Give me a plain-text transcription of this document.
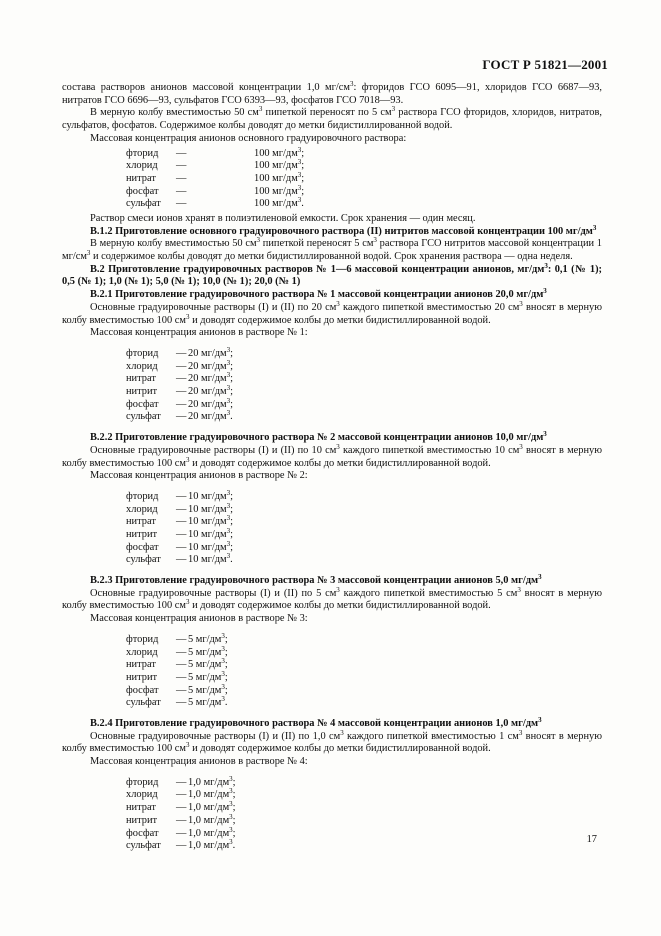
ГОСТ Р 51821—2001

состава растворов анионов массовой концентрации 1,0 $мг/см^3$: фторидов ГСО 6095—91, хлоридов ГСО 6687—93, нитратов ГСО 6696—93, сульфатов ГСО 6393—93, фосфатов ГСО 7018—93.

В мерную колбу вместимостью 50 $см^3$ пипеткой переносят по 5 $см^3$ раствора ГСО фторидов, хлоридов, нитратов, сульфатов, фосфатов. Содержимое колбы доводят до метки бидистиллированной водой.

Массовая концентрация анионов основного градуировочного раствора:

фторид	—	100 $мг/дм^3$;
хлорид	—	100 $мг/дм^3$;
нитрат	—	100 $мг/дм^3$;
фосфат	—	100 $мг/дм^3$;
сульфат	—	100 $мг/дм^3$.

Раствор смеси ионов хранят в полиэтиленовой емкости. Срок хранения — один месяц.

В.1.2 Приготовление основного градуировочного раствора (II) нитритов массовой концентрации 100 $мг/дм^3$

В мерную колбу вместимостью 50 $см^3$ пипеткой переносят 5 $см^3$ раствора ГСО нитритов массовой концентрации 1 $мг/см^3$ и содержимое колбы доводят до метки бидистиллированной водой. Срок хранения раствора — одна неделя.

В.2 Приготовление градуировочных растворов № 1—6 массовой концентрации анионов, $мг/дм^3$: 0,1 (№ 1); 0,5 (№ 1); 1,0 (№ 1); 5,0 (№ 1); 10,0 (№ 1); 20,0 (№ 1)

В.2.1 Приготовление градуировочного раствора № 1 массовой концентрации анионов 20,0 $мг/дм^3$

Основные градуировочные растворы (I) и (II) по 20 $см^3$ каждого пипеткой вместимостью 20 $см^3$ вносят в мерную колбу вместимостью 100 $см^3$ и доводят содержимое колбы до метки бидистиллированной водой.

Массовая концентрация анионов в растворе № 1:

фторид	— 20 $мг/дм^3$;
хлорид	— 20 $мг/дм^3$;
нитрат	— 20 $мг/дм^3$;
нитрит	— 20 $мг/дм^3$;
фосфат	— 20 $мг/дм^3$;
сульфат	— 20 $мг/дм^3$.

В.2.2 Приготовление градуировочного раствора № 2 массовой концентрации анионов 10,0 $мг/дм^3$

Основные градуировочные растворы (I) и (II) по 10 $см^3$ каждого пипеткой вместимостью 10 $см^3$ вносят в мерную колбу вместимостью 100 $см^3$ и доводят содержимое колбы до метки бидистиллированной водой.

Массовая концентрация анионов в растворе № 2:

фторид	— 10 $мг/дм^3$;
хлорид	— 10 $мг/дм^3$;
нитрат	— 10 $мг/дм^3$;
нитрит	— 10 $мг/дм^3$;
фосфат	— 10 $мг/дм^3$;
сульфат	— 10 $мг/дм^3$.

В.2.3 Приготовление градуировочного раствора № 3 массовой концентрации анионов 5,0 $мг/дм^3$

Основные градуировочные растворы (I) и (II) по 5 $см^3$ каждого пипеткой вместимостью 5 $см^3$ вносят в мерную колбу вместимостью 100 $см^3$ и доводят содержимое колбы до метки бидистиллированной водой.

Массовая концентрация анионов в растворе № 3:

фторид	— 5 $мг/дм^3$;
хлорид	— 5 $мг/дм^3$;
нитрат	— 5 $мг/дм^3$;
нитрит	— 5 $мг/дм^3$;
фосфат	— 5 $мг/дм^3$;
сульфат	— 5 $мг/дм^3$.

В.2.4 Приготовление градуировочного раствора № 4 массовой концентрации анионов 1,0 $мг/дм^3$

Основные градуировочные растворы (I) и (II) по 1,0 $см^3$ каждого пипеткой вместимостью 1 $см^3$ вносят в мерную колбу вместимостью 100 $см^3$ и доводят содержимое колбы до метки бидистиллированной водой.

Массовая концентрация анионов в растворе № 4:

фторид	— 1,0 $мг/дм^3$;
хлорид	— 1,0 $мг/дм^3$;
нитрат	— 1,0 $мг/дм^3$;
нитрит	— 1,0 $мг/дм^3$;
фосфат	— 1,0 $мг/дм^3$;
сульфат	— 1,0 $мг/дм^3$.
17
